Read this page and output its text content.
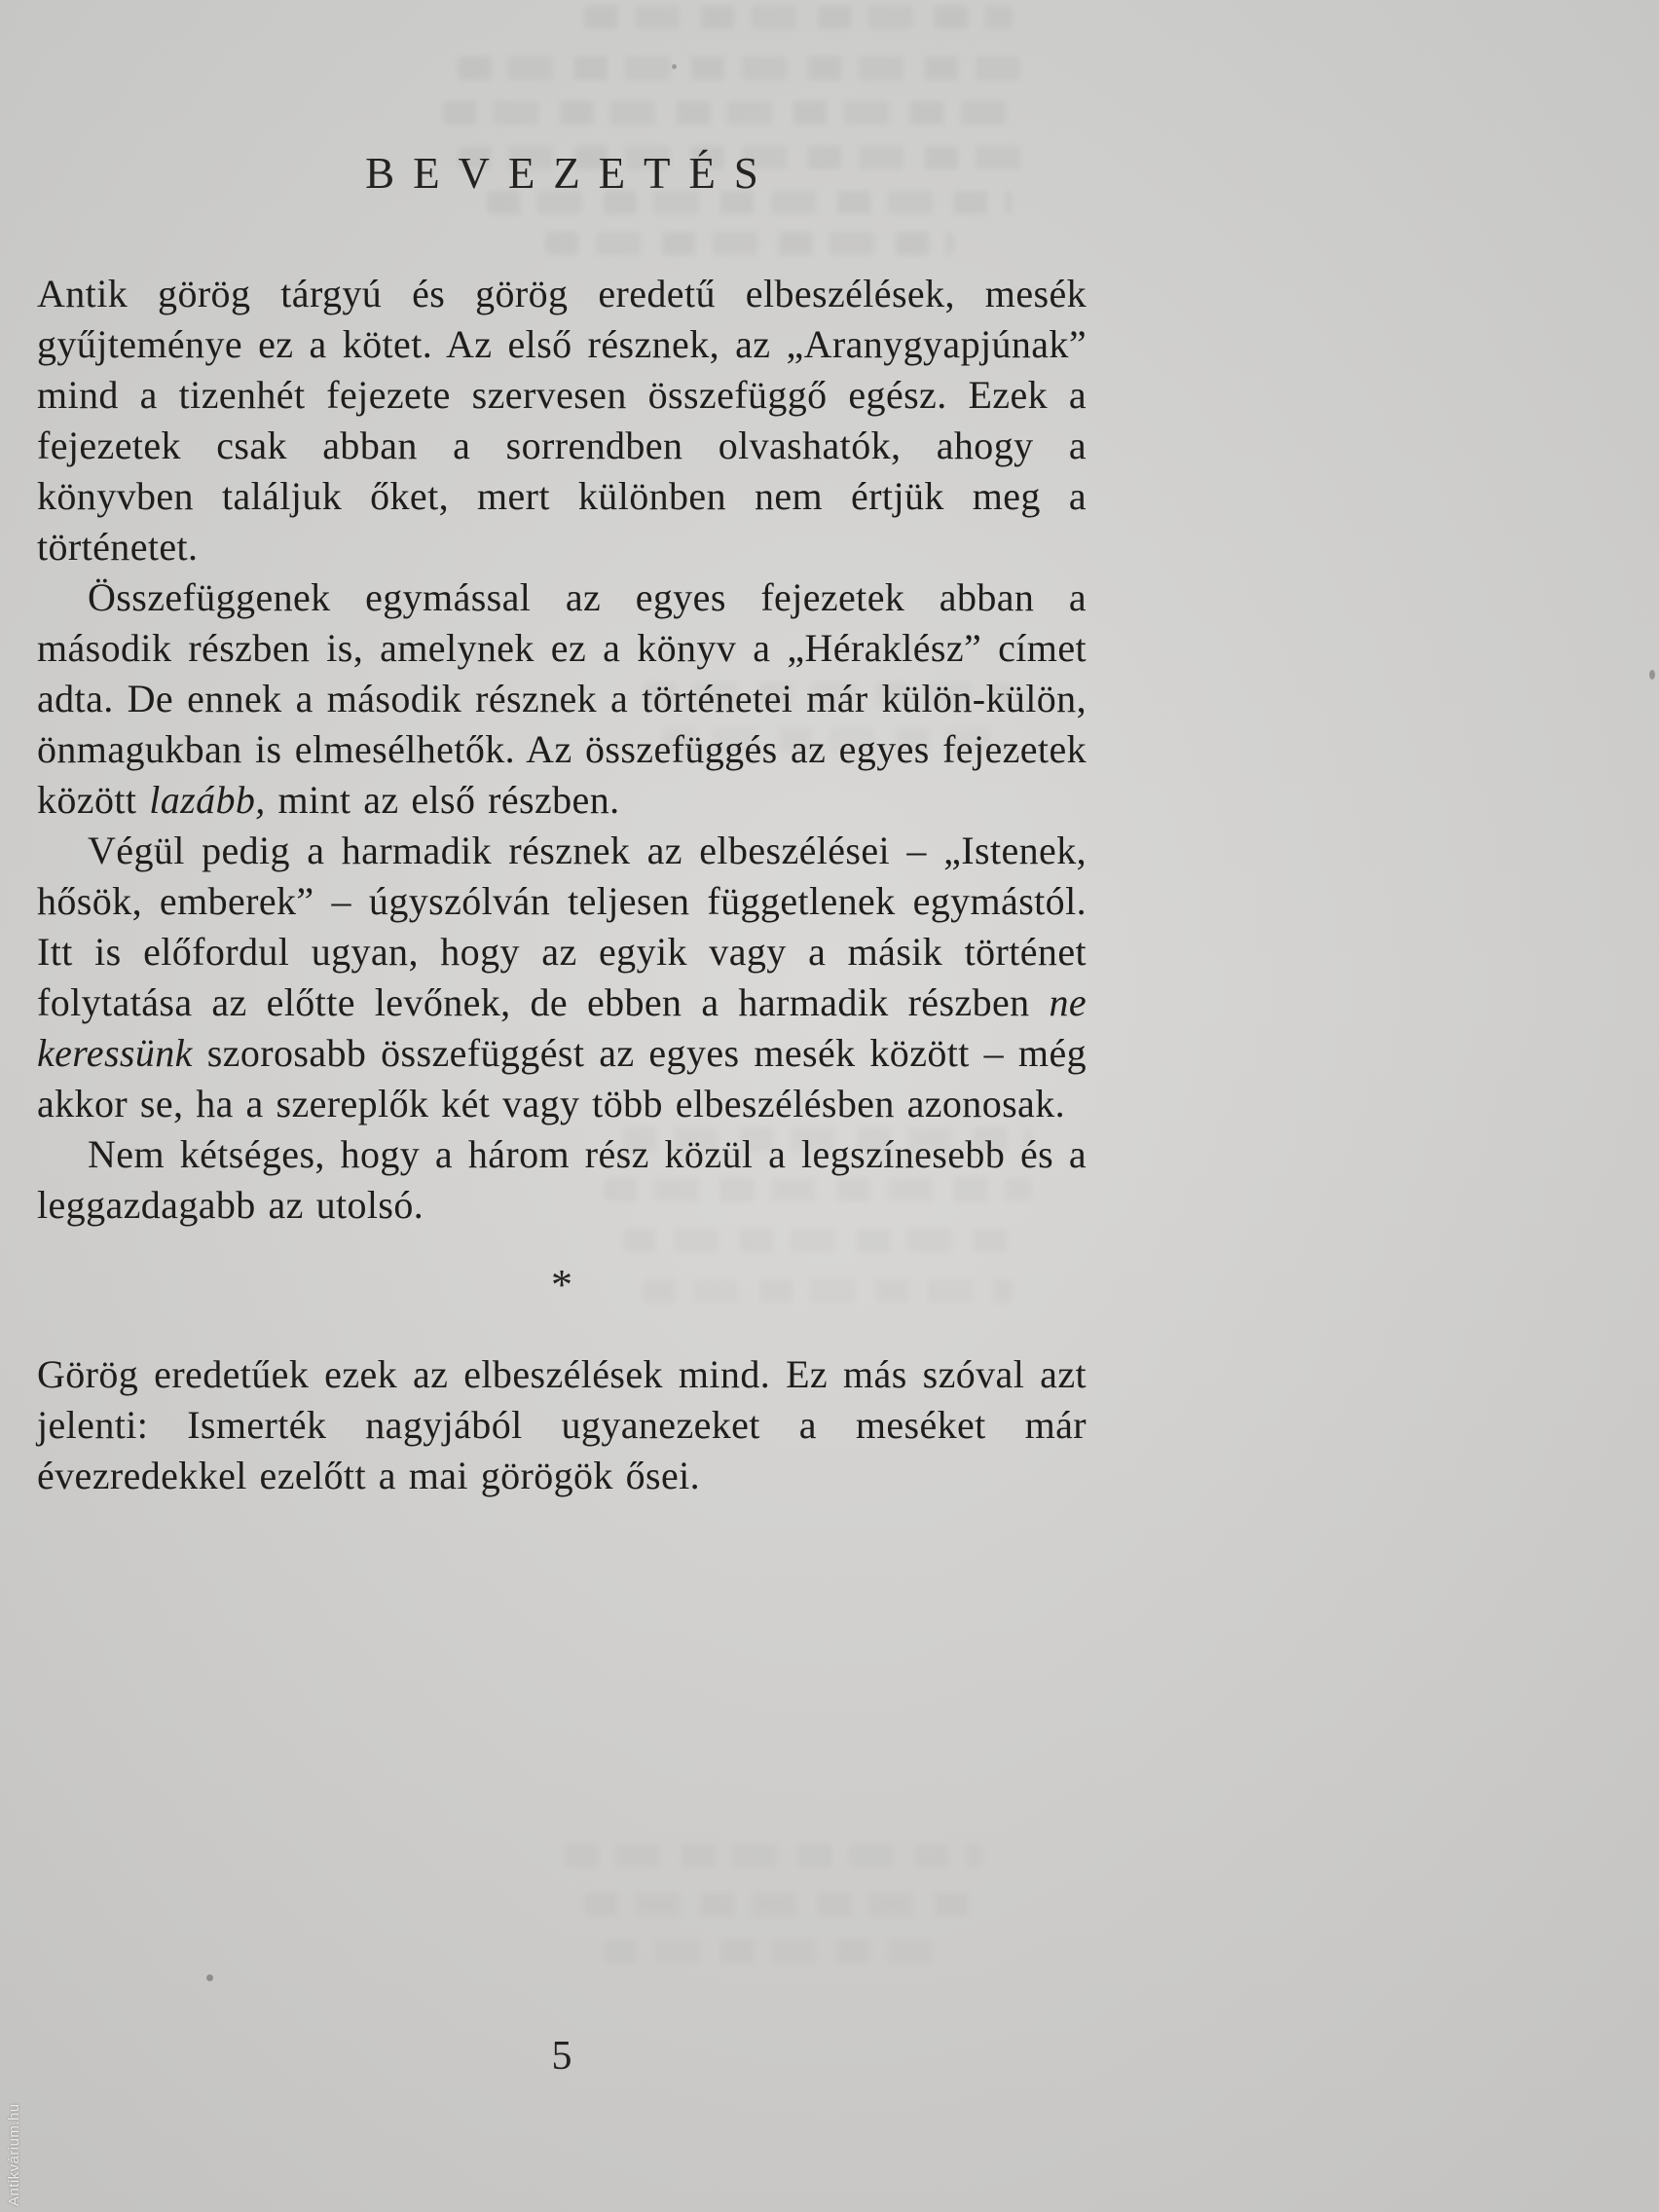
BEVEZETÉS

Antik görög tárgyú és görög eredetű elbeszélések, mesék gyűjteménye ez a kötet. Az első résznek, az „Aranygyapjúnak” mind a tizenhét fejezete szervesen összefüggő egész. Ezek a fejezetek csak abban a sorrendben olvashatók, ahogy a könyvben találjuk őket, mert különben nem értjük meg a történetet.

Összefüggenek egymással az egyes fejezetek abban a második részben is, amelynek ez a könyv a „Héraklész” címet adta. De ennek a második résznek a történetei már külön-külön, önmagukban is elmesélhetők. Az összefüggés az egyes fejezetek között lazább, mint az első részben.

Végül pedig a harmadik résznek az elbeszélései – „Istenek, hősök, emberek” – úgyszólván teljesen függetlenek egymástól. Itt is előfordul ugyan, hogy az egyik vagy a másik történet folytatása az előtte levőnek, de ebben a harmadik részben ne keressünk szorosabb összefüggést az egyes mesék között – még akkor se, ha a szereplők két vagy több elbeszélésben azonosak.

Nem kétséges, hogy a három rész közül a legszínesebb és a leggazdagabb az utolsó.

*

Görög eredetűek ezek az elbeszélések mind. Ez más szóval azt jelenti: Ismerték nagyjából ugyanezeket a meséket már évezredekkel ezelőtt a mai görögök ősei.

5
Antikvárium.hu
